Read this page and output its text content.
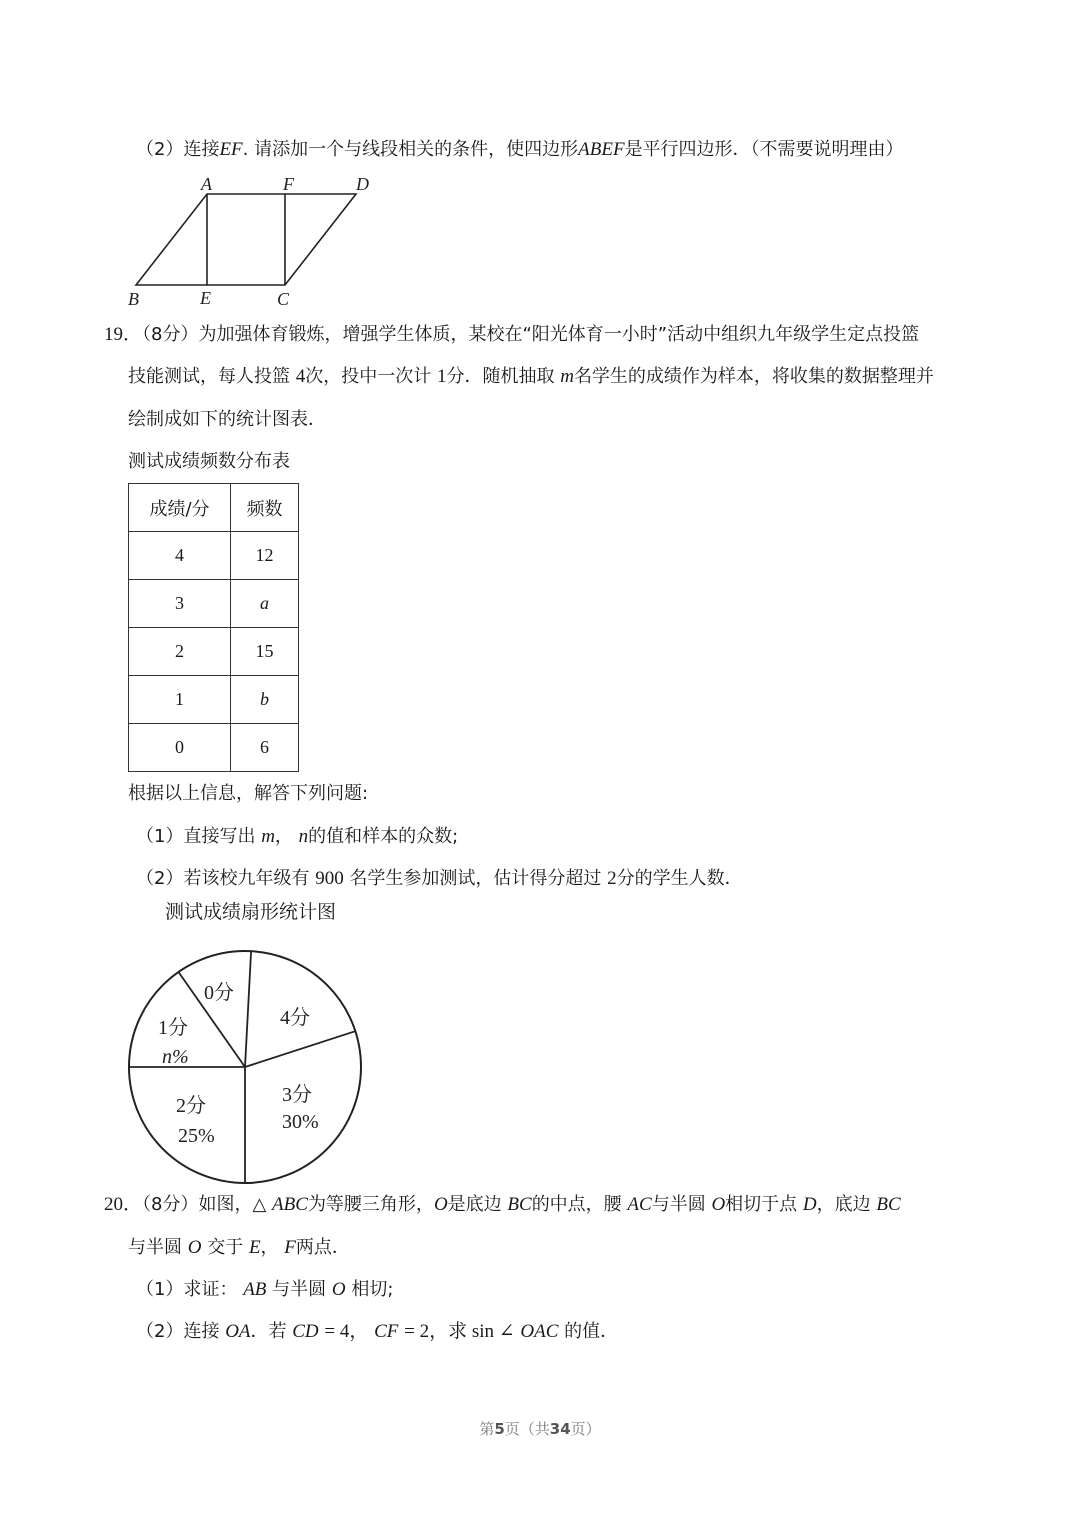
（2）连接EF. 请添加一个与线段相关的条件，使四边形ABEF是平行四边形．（不需要说明理由）
A	F	D
B	E	C
19．（8分）为加强体育锻炼，增强学生体质，某校在“阳光体育一小时”活动中组织九年级学生定点投篮
技能测试，每人投篮 4次，投中一次计 1分．随机抽取 m名学生的成绩作为样本，将收集的数据整理并
绘制成如下的统计图表．
测试成绩频数分布表
成绩/分	频数
4	12
3	a
2	15
1	b
0	6
根据以上信息，解答下列问题:
（1）直接写出 m， n的值和样本的众数;
（2）若该校九年级有 900 名学生参加测试，估计得分超过 2分的学生人数．
测试成绩扇形统计图
4分
3分
30%
2分
25%
1分
n%
0分
20．（8分）如图，△ ABC为等腰三角形，O是底边 BC的中点，腰 AC与半圆 O相切于点 D，底边 BC
与半圆 O 交于 E， F两点．
（1）求证： AB 与半圆 O 相切;
（2）连接 OA．若 CD = 4， CF = 2，求 sin ∠ OAC 的值．
第5页（共34页）
